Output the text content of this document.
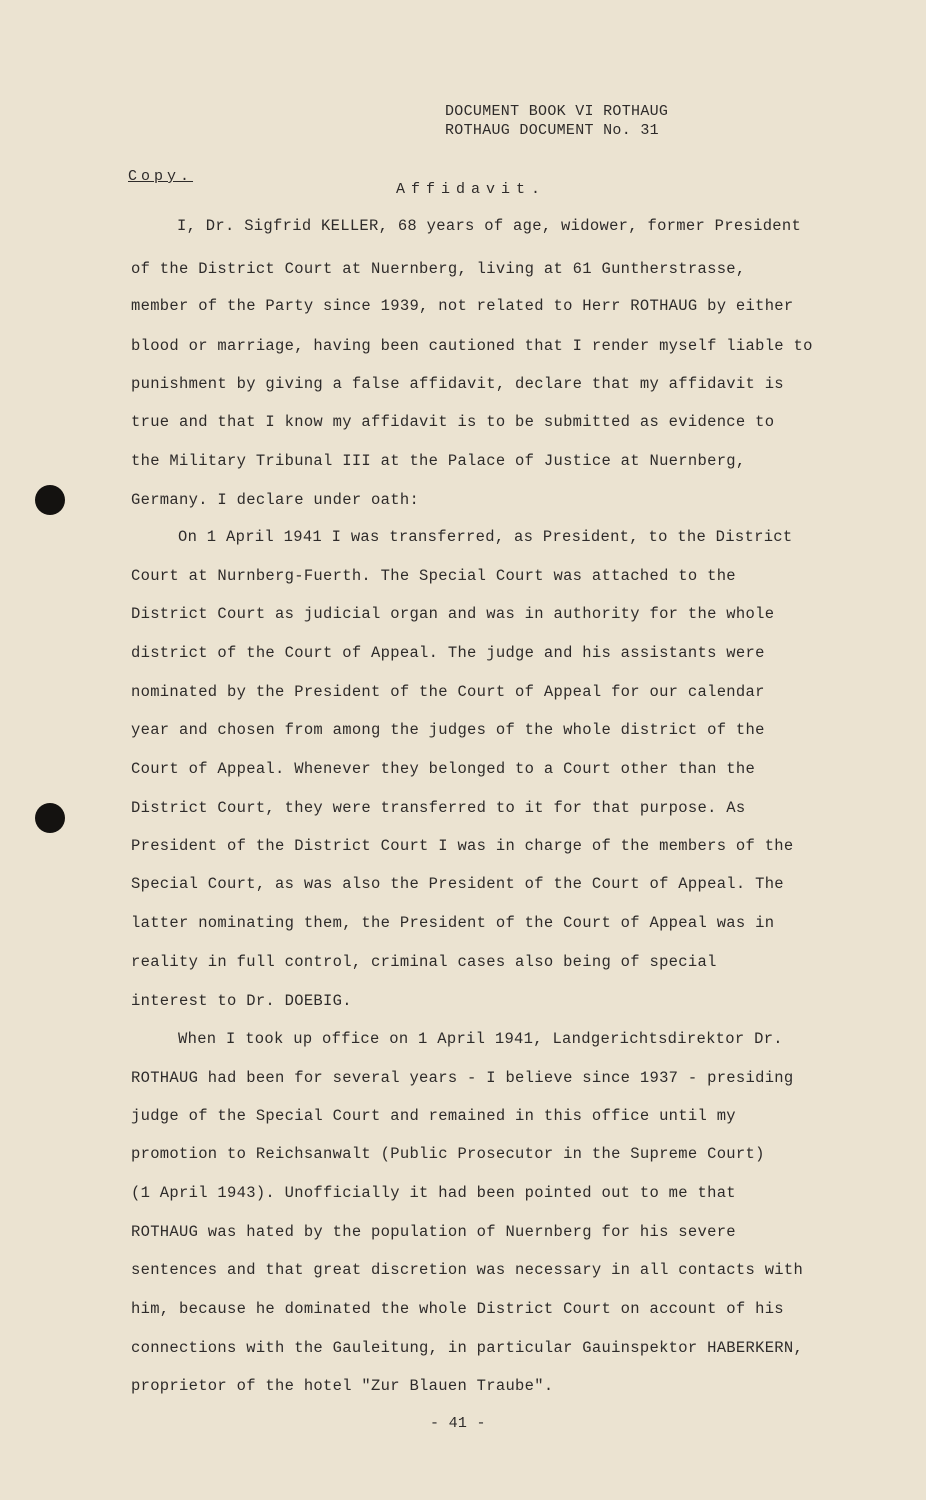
DOCUMENT BOOK VI ROTHAUG
ROTHAUG DOCUMENT No. 31
Copy.
Affidavit.
I, Dr. Sigfrid KELLER, 68 years of age, widower, former President
of the District Court at Nuernberg, living at 61 Guntherstrasse,
member of the Party since 1939, not related to Herr ROTHAUG by either
blood or marriage, having been cautioned that I render myself liable to
punishment by giving a false affidavit, declare that my affidavit is
true and that I know my affidavit is to be submitted as evidence to
the Military Tribunal III at the Palace of Justice at Nuernberg,
Germany. I declare under oath:
On 1 April 1941 I was transferred, as President, to the District
Court at Nurnberg-Fuerth. The Special Court was attached to the
District Court as judicial organ and was in authority for the whole
district of the Court of Appeal. The judge and his assistants were
nominated by the President of the Court of Appeal for our calendar
year and chosen from among the judges of the whole district of the
Court of Appeal. Whenever they belonged to a Court other than the
District Court, they were transferred to it for that purpose. As
President of the District Court I was in charge of the members of the
Special Court, as was also the President of the Court of Appeal. The
latter nominating them, the President of the Court of Appeal was in
reality in full control, criminal cases also being of special
interest to Dr. DOEBIG.
When I took up office on 1 April 1941, Landgerichtsdirektor Dr.
ROTHAUG had been for several years - I believe since 1937 - presiding
judge of the Special Court and remained in this office until my
promotion to Reichsanwalt (Public Prosecutor in the Supreme Court)
(1 April 1943). Unofficially it had been pointed out to me that
ROTHAUG was hated by the population of Nuernberg for his severe
sentences and that great discretion was necessary in all contacts with
him, because he dominated the whole District Court on account of his
connections with the Gauleitung, in particular Gauinspektor HABERKERN,
proprietor of the hotel "Zur Blauen Traube".
- 41 -
